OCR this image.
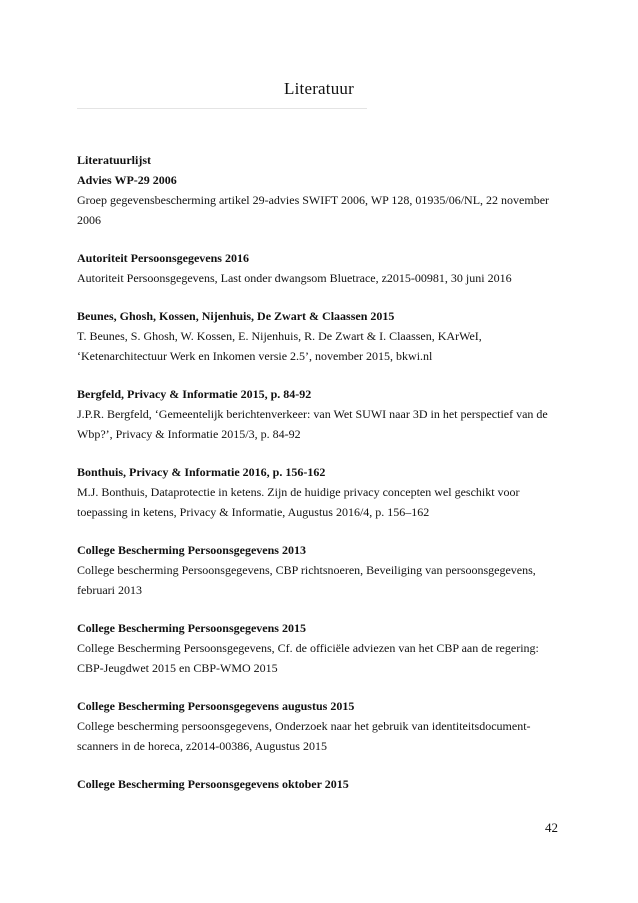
Literatuur

Literatuurlijst

Advies WP-29 2006
Groep gegevensbescherming artikel 29-advies SWIFT 2006, WP 128, 01935/06/NL, 22 november 2006
Autoriteit Persoonsgegevens 2016
Autoriteit Persoonsgegevens, Last onder dwangsom Bluetrace, z2015-00981, 30 juni 2016
Beunes, Ghosh, Kossen, Nijenhuis, De Zwart & Claassen 2015
T. Beunes, S. Ghosh, W. Kossen, E. Nijenhuis, R. De Zwart & I. Claassen, KArWeI, ‘Ketenarchitectuur Werk en Inkomen versie 2.5’, november 2015, bkwi.nl
Bergfeld, Privacy & Informatie 2015, p. 84-92
J.P.R. Bergfeld, ‘Gemeentelijk berichtenverkeer: van Wet SUWI naar 3D in het perspectief van de Wbp?’, Privacy & Informatie 2015/3, p. 84-92
Bonthuis, Privacy & Informatie 2016, p. 156-162
M.J. Bonthuis, Dataprotectie in ketens. Zijn de huidige privacy concepten wel geschikt voor toepassing in ketens, Privacy & Informatie, Augustus 2016/4, p. 156–162
College Bescherming Persoonsgegevens 2013
College bescherming Persoonsgegevens, CBP richtsnoeren, Beveiliging van persoonsgegevens, februari 2013
College Bescherming Persoonsgegevens 2015
College Bescherming Persoonsgegevens, Cf. de officiële adviezen van het CBP aan de regering: CBP-Jeugdwet 2015 en CBP-WMO 2015
College Bescherming Persoonsgegevens augustus 2015
College bescherming persoonsgegevens, Onderzoek naar het gebruik van identiteitsdocument-scanners in de horeca, z2014-00386, Augustus 2015
College Bescherming Persoonsgegevens oktober 2015
42
